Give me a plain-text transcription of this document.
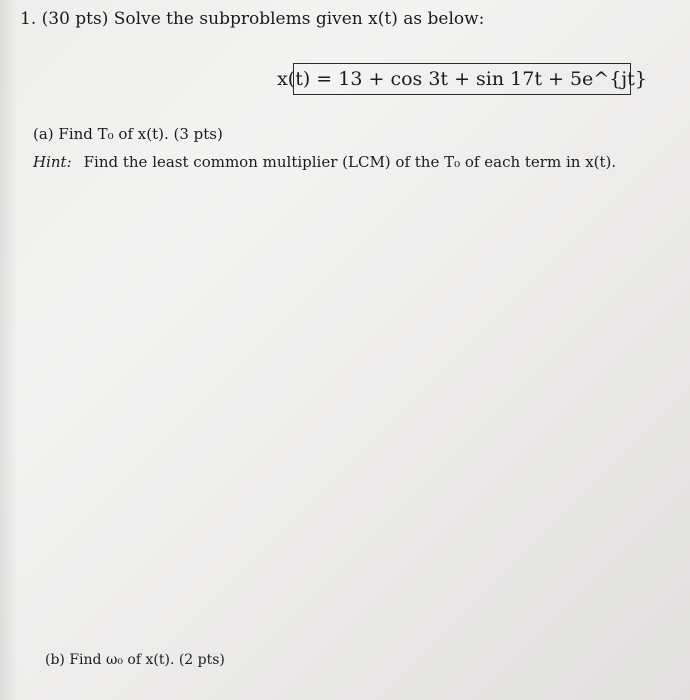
1. (30 pts) Solve the subproblems given x(t) as below:
x(t) = 13 + cos 3t + sin 17t + 5e^{jt}
(a) Find T₀ of x(t). (3 pts)
Hint: Find the least common multiplier (LCM) of the T₀ of each term in x(t).
(b) Find ω₀ of x(t). (2 pts)
